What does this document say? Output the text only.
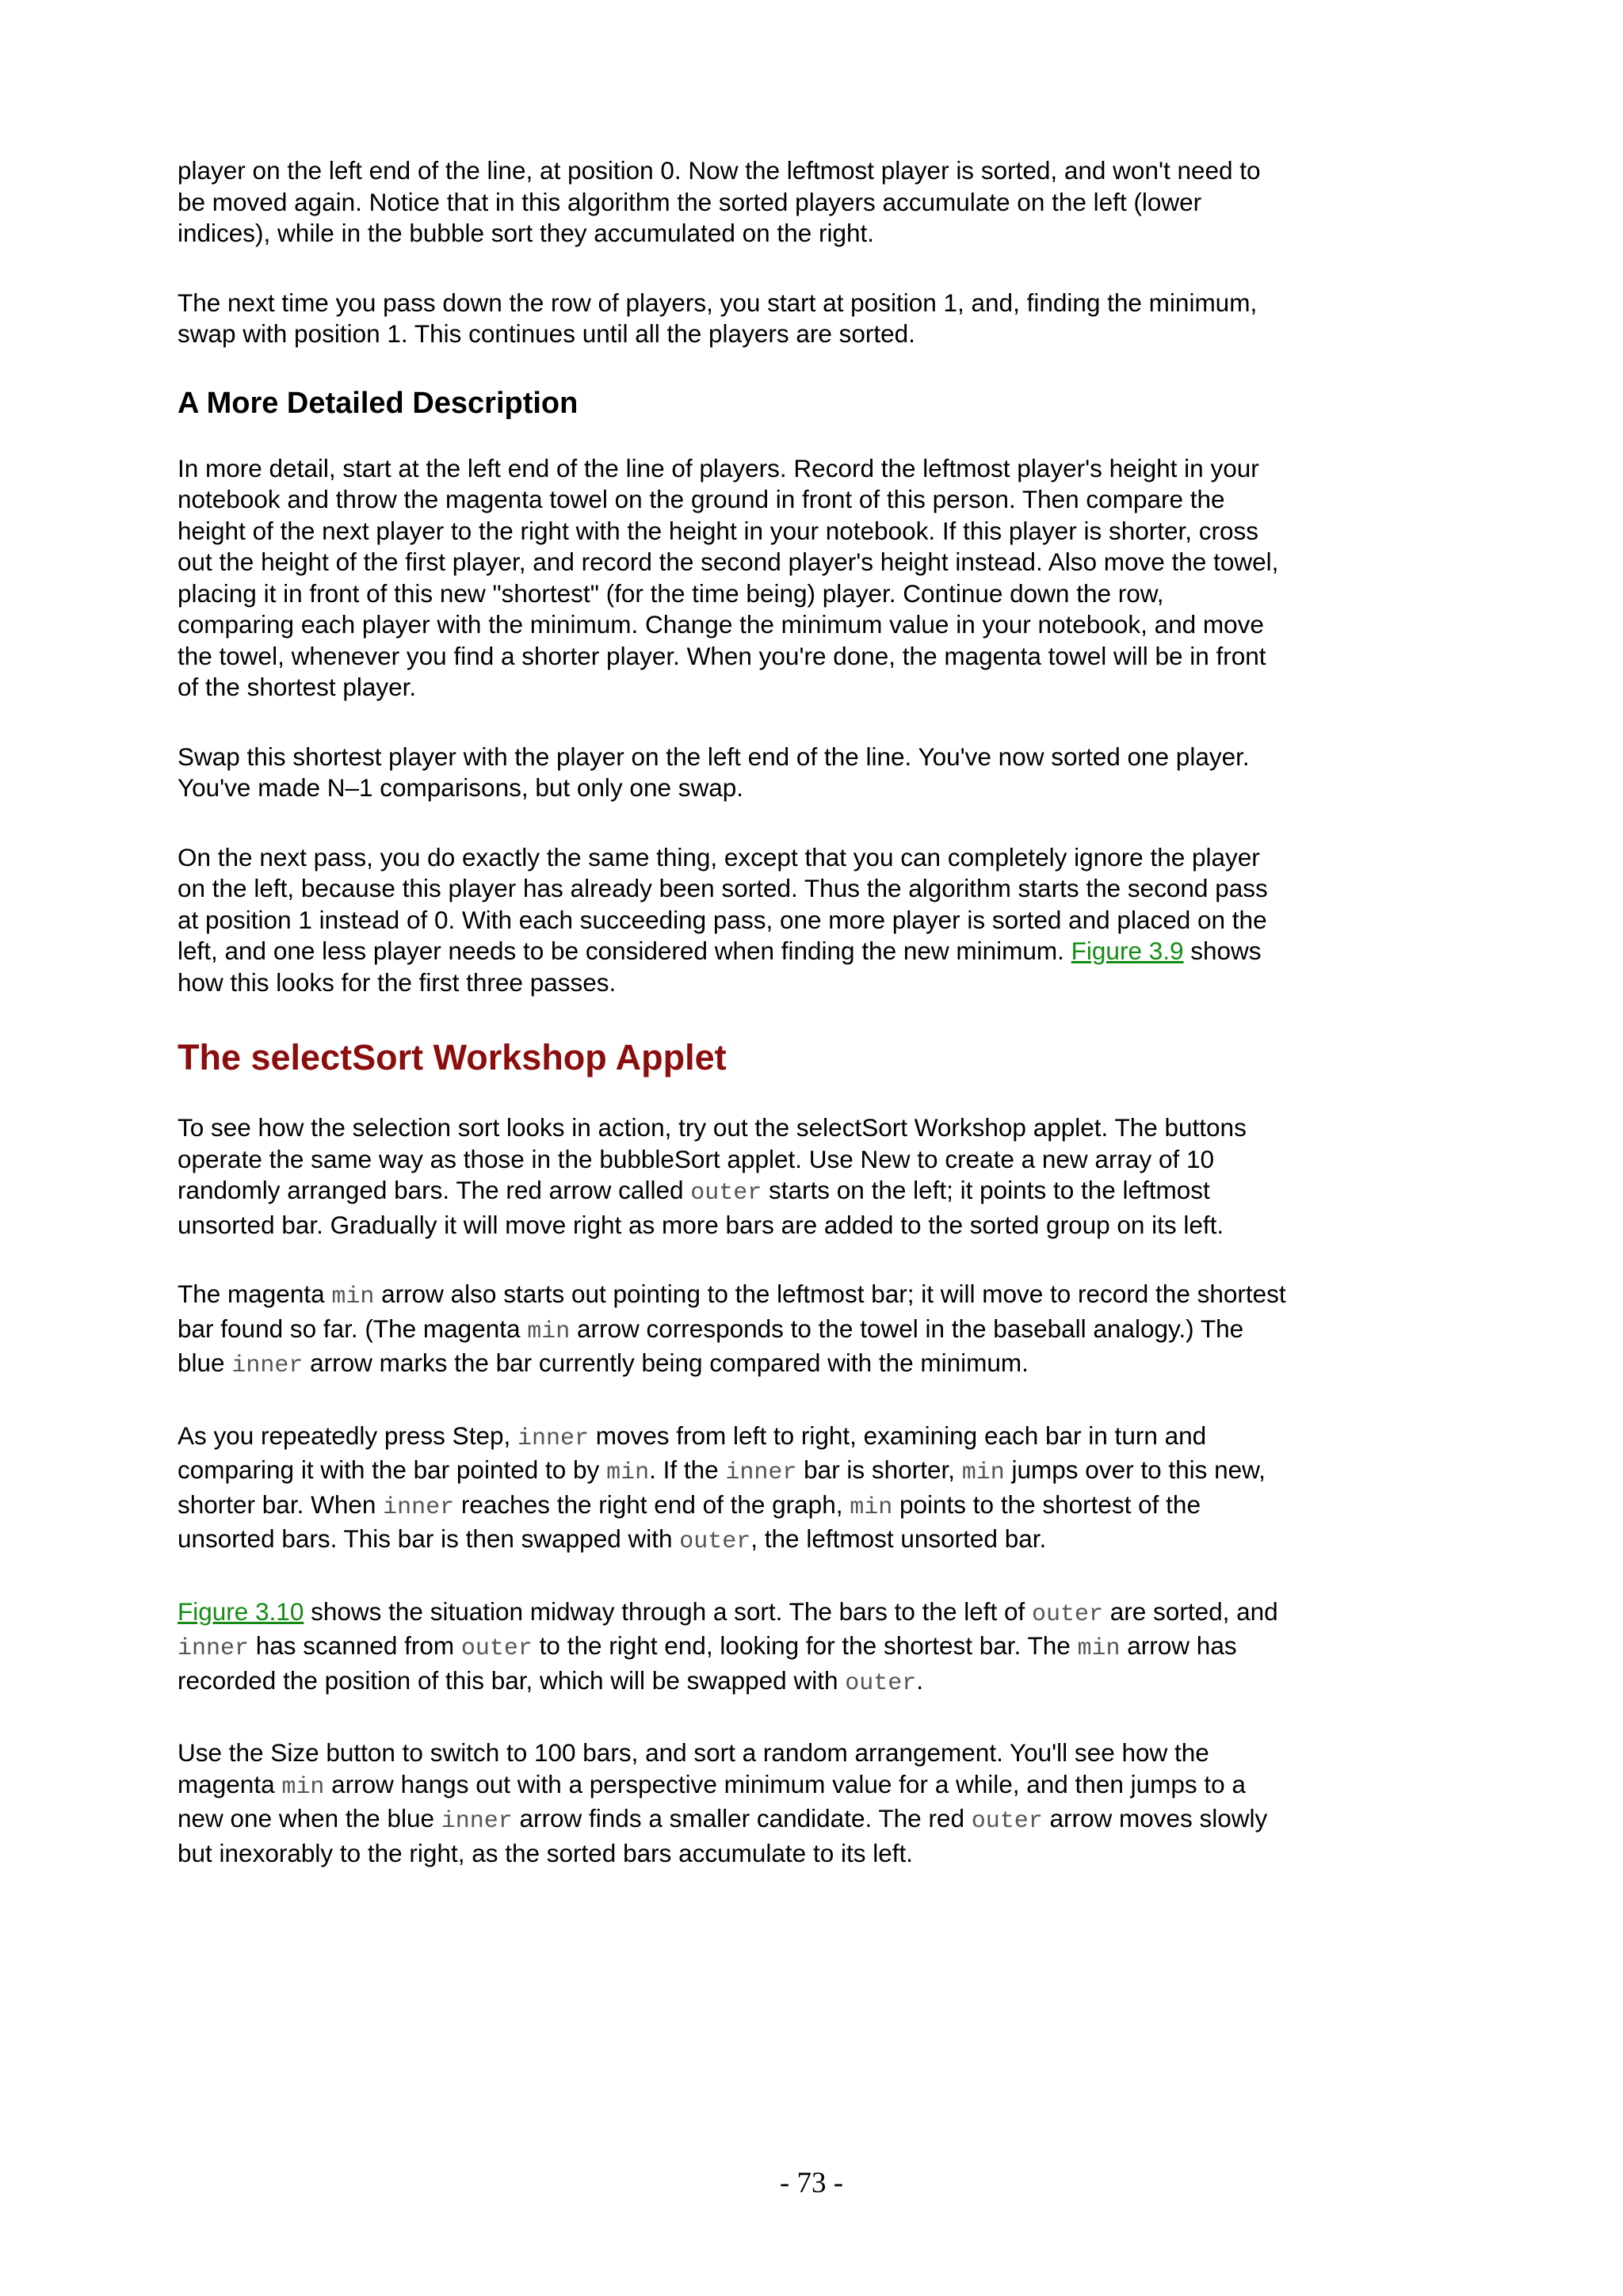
player on the left end of the line, at position 0. Now the leftmost player is sorted, and won't need to be moved again. Notice that in this algorithm the sorted players accumulate on the left (lower indices), while in the bubble sort they accumulated on the right.

The next time you pass down the row of players, you start at position 1, and, finding the minimum, swap with position 1. This continues until all the players are sorted.

A More Detailed Description

In more detail, start at the left end of the line of players. Record the leftmost player's height in your notebook and throw the magenta towel on the ground in front of this person. Then compare the height of the next player to the right with the height in your notebook. If this player is shorter, cross out the height of the first player, and record the second player's height instead. Also move the towel, placing it in front of this new "shortest" (for the time being) player. Continue down the row, comparing each player with the minimum. Change the minimum value in your notebook, and move the towel, whenever you find a shorter player. When you're done, the magenta towel will be in front of the shortest player.

Swap this shortest player with the player on the left end of the line. You've now sorted one player. You've made N–1 comparisons, but only one swap.

On the next pass, you do exactly the same thing, except that you can completely ignore the player on the left, because this player has already been sorted. Thus the algorithm starts the second pass at position 1 instead of 0. With each succeeding pass, one more player is sorted and placed on the left, and one less player needs to be considered when finding the new minimum. Figure 3.9 shows how this looks for the first three passes.

The selectSort Workshop Applet

To see how the selection sort looks in action, try out the selectSort Workshop applet. The buttons operate the same way as those in the bubbleSort applet. Use New to create a new array of 10 randomly arranged bars. The red arrow called outer starts on the left; it points to the leftmost unsorted bar. Gradually it will move right as more bars are added to the sorted group on its left.

The magenta min arrow also starts out pointing to the leftmost bar; it will move to record the shortest bar found so far. (The magenta min arrow corresponds to the towel in the baseball analogy.) The blue inner arrow marks the bar currently being compared with the minimum.

As you repeatedly press Step, inner moves from left to right, examining each bar in turn and comparing it with the bar pointed to by min. If the inner bar is shorter, min jumps over to this new, shorter bar. When inner reaches the right end of the graph, min points to the shortest of the unsorted bars. This bar is then swapped with outer, the leftmost unsorted bar.

Figure 3.10 shows the situation midway through a sort. The bars to the left of outer are sorted, and inner has scanned from outer to the right end, looking for the shortest bar. The min arrow has recorded the position of this bar, which will be swapped with outer.

Use the Size button to switch to 100 bars, and sort a random arrangement. You'll see how the magenta min arrow hangs out with a perspective minimum value for a while, and then jumps to a new one when the blue inner arrow finds a smaller candidate. The red outer arrow moves slowly but inexorably to the right, as the sorted bars accumulate to its left.

- 73 -
